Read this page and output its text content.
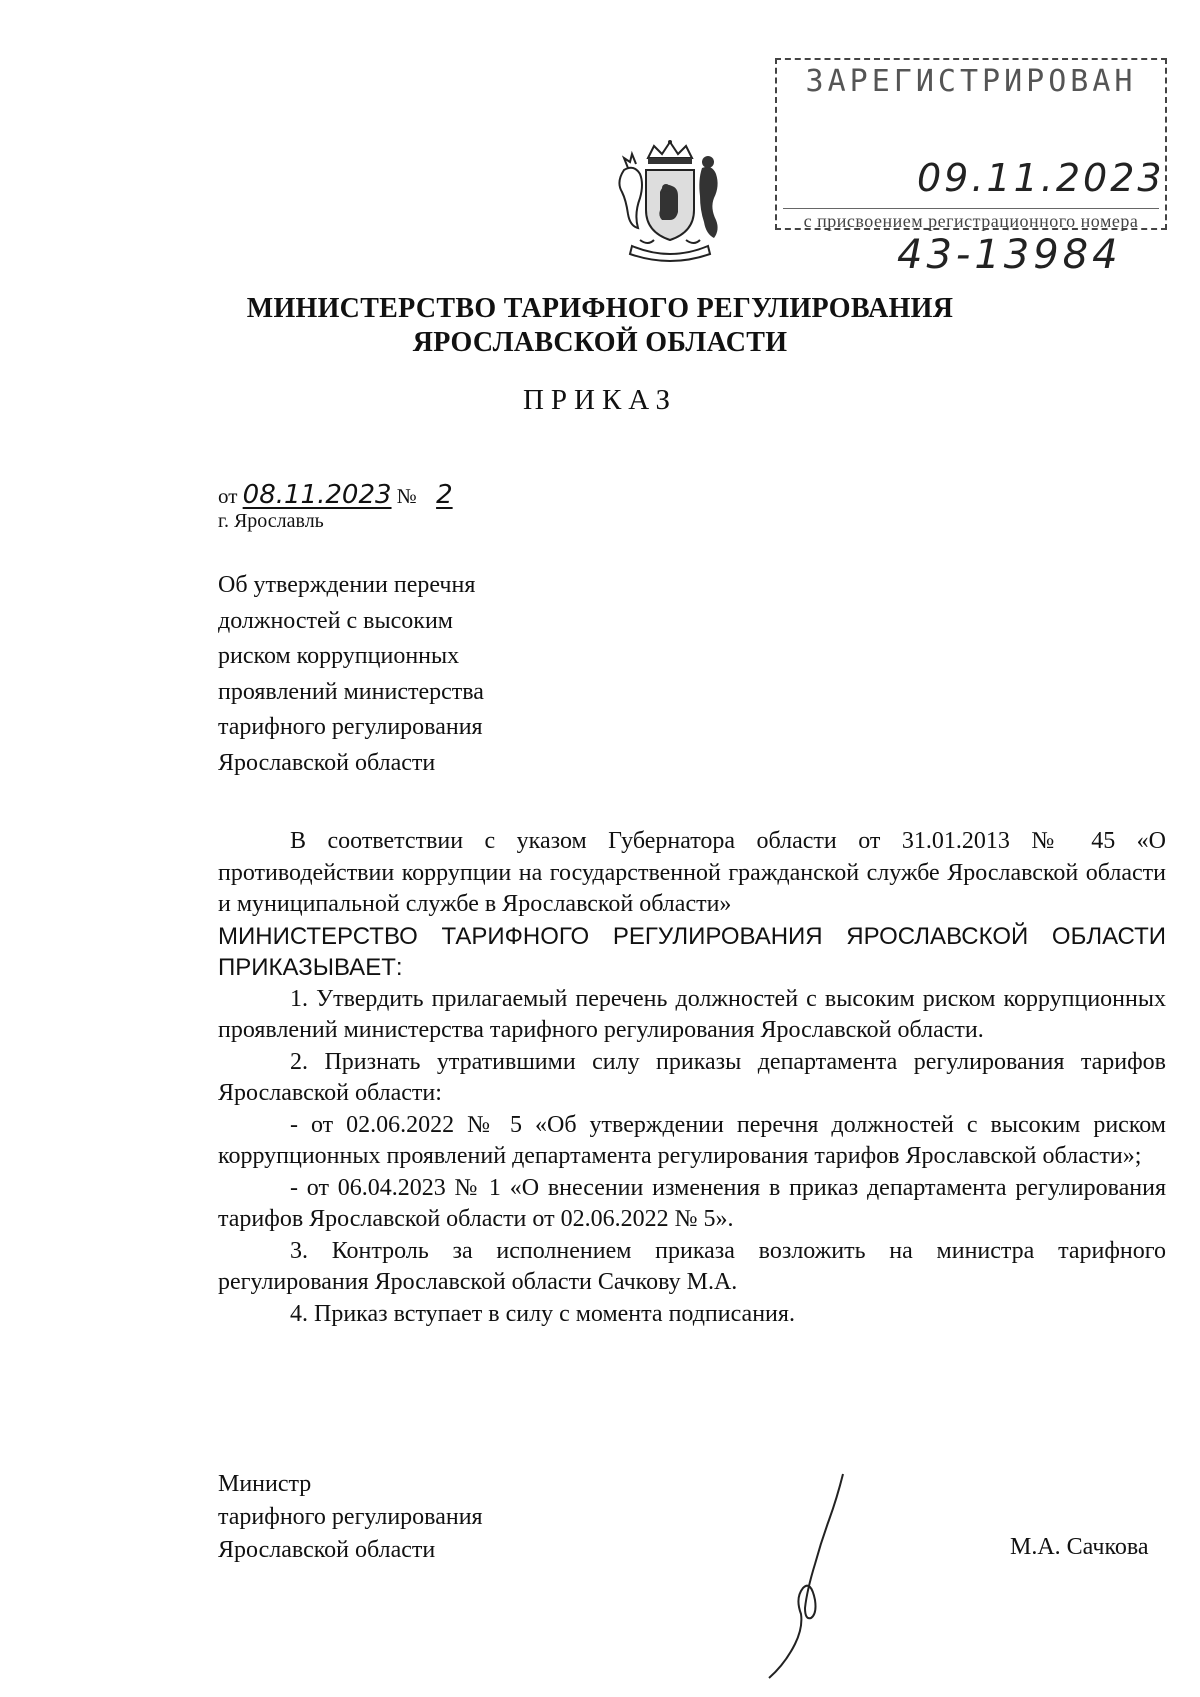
ЗАРЕГИСТРИРОВАН
09.11.2023
с присвоением регистрационного номера
43-13984
МИНИСТЕРСТВО ТАРИФНОГО РЕГУЛИРОВАНИЯ
ЯРОСЛАВСКОЙ ОБЛАСТИ
ПРИКАЗ
от 08.11.2023 № 2
г. Ярославль
Об утверждении перечня
должностей с высоким
риском коррупционных
проявлений министерства
тарифного регулирования
Ярославской области

В соответствии с указом Губернатора области от 31.01.2013 № 45 «О противодействии коррупции на государственной гражданской службе Ярославской области и муниципальной службе в Ярославской области»

МИНИСТЕРСТВО ТАРИФНОГО РЕГУЛИРОВАНИЯ ЯРОСЛАВСКОЙ ОБЛАСТИ ПРИКАЗЫВАЕТ:

1. Утвердить прилагаемый перечень должностей с высоким риском коррупционных проявлений министерства тарифного регулирования Ярославской области.

2. Признать утратившими силу приказы департамента регулирования тарифов Ярославской области:

- от 02.06.2022 № 5 «Об утверждении перечня должностей с высоким риском коррупционных проявлений департамента регулирования тарифов Ярославской области»;

- от 06.04.2023 № 1 «О внесении изменения в приказ департамента регулирования тарифов Ярославской области от 02.06.2022 № 5».

3. Контроль за исполнением приказа возложить на министра тарифного регулирования Ярославской области Сачкову М.А.

4. Приказ вступает в силу с момента подписания.

Министр
тарифного регулирования
Ярославской области	М.А. Сачкова
